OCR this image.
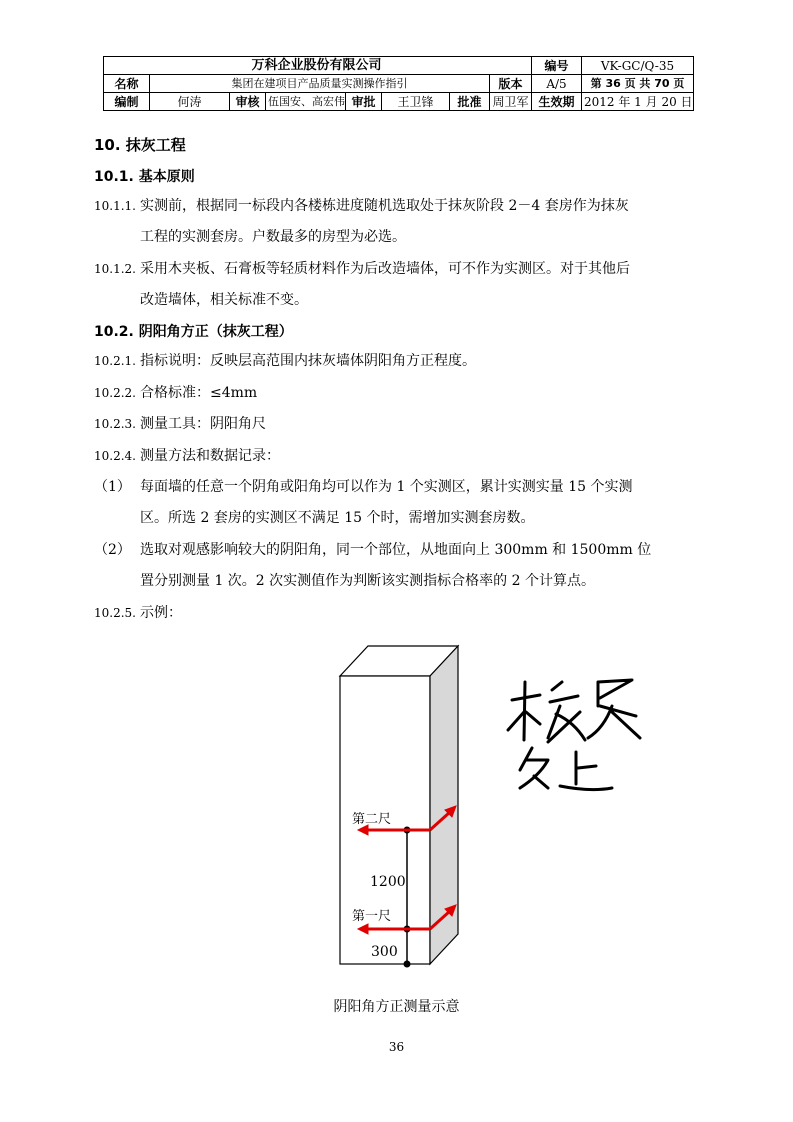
万科企业股份有限公司								编号	VK-GC/Q-35
名称	集团在建项目产品质量实测操作指引						版本	A/5	第 36 页 共 70 页
编制	何涛	审核	伍国安、高宏伟	审批	王卫锋	批准	周卫军	生效期	2012 年 1 月 20 日
10. 抹灰工程
10.1. 基本原则
10.1.1. 实测前，根据同一标段内各楼栋进度随机选取处于抹灰阶段 2－4 套房作为抹灰
工程的实测套房。户数最多的房型为必选。
10.1.2. 采用木夹板、石膏板等轻质材料作为后改造墙体，可不作为实测区。对于其他后
改造墙体，相关标准不变。
10.2. 阴阳角方正（抹灰工程）
10.2.1. 指标说明：反映层高范围内抹灰墙体阴阳角方正程度。
10.2.2. 合格标准：≤4mm
10.2.3. 测量工具：阴阳角尺
10.2.4. 测量方法和数据记录：
（1） 每面墙的任意一个阴角或阳角均可以作为 1 个实测区，累计实测实量 15 个实测
区。所选 2 套房的实测区不满足 15 个时，需增加实测套房数。
（2） 选取对观感影响较大的阴阳角，同一个部位，从地面向上 300mm 和 1500mm 位
置分别测量 1 次。2 次实测值作为判断该实测指标合格率的 2 个计算点。
10.2.5. 示例：
第二尺
1200
第一尺
300
阴阳角方正测量示意
36
